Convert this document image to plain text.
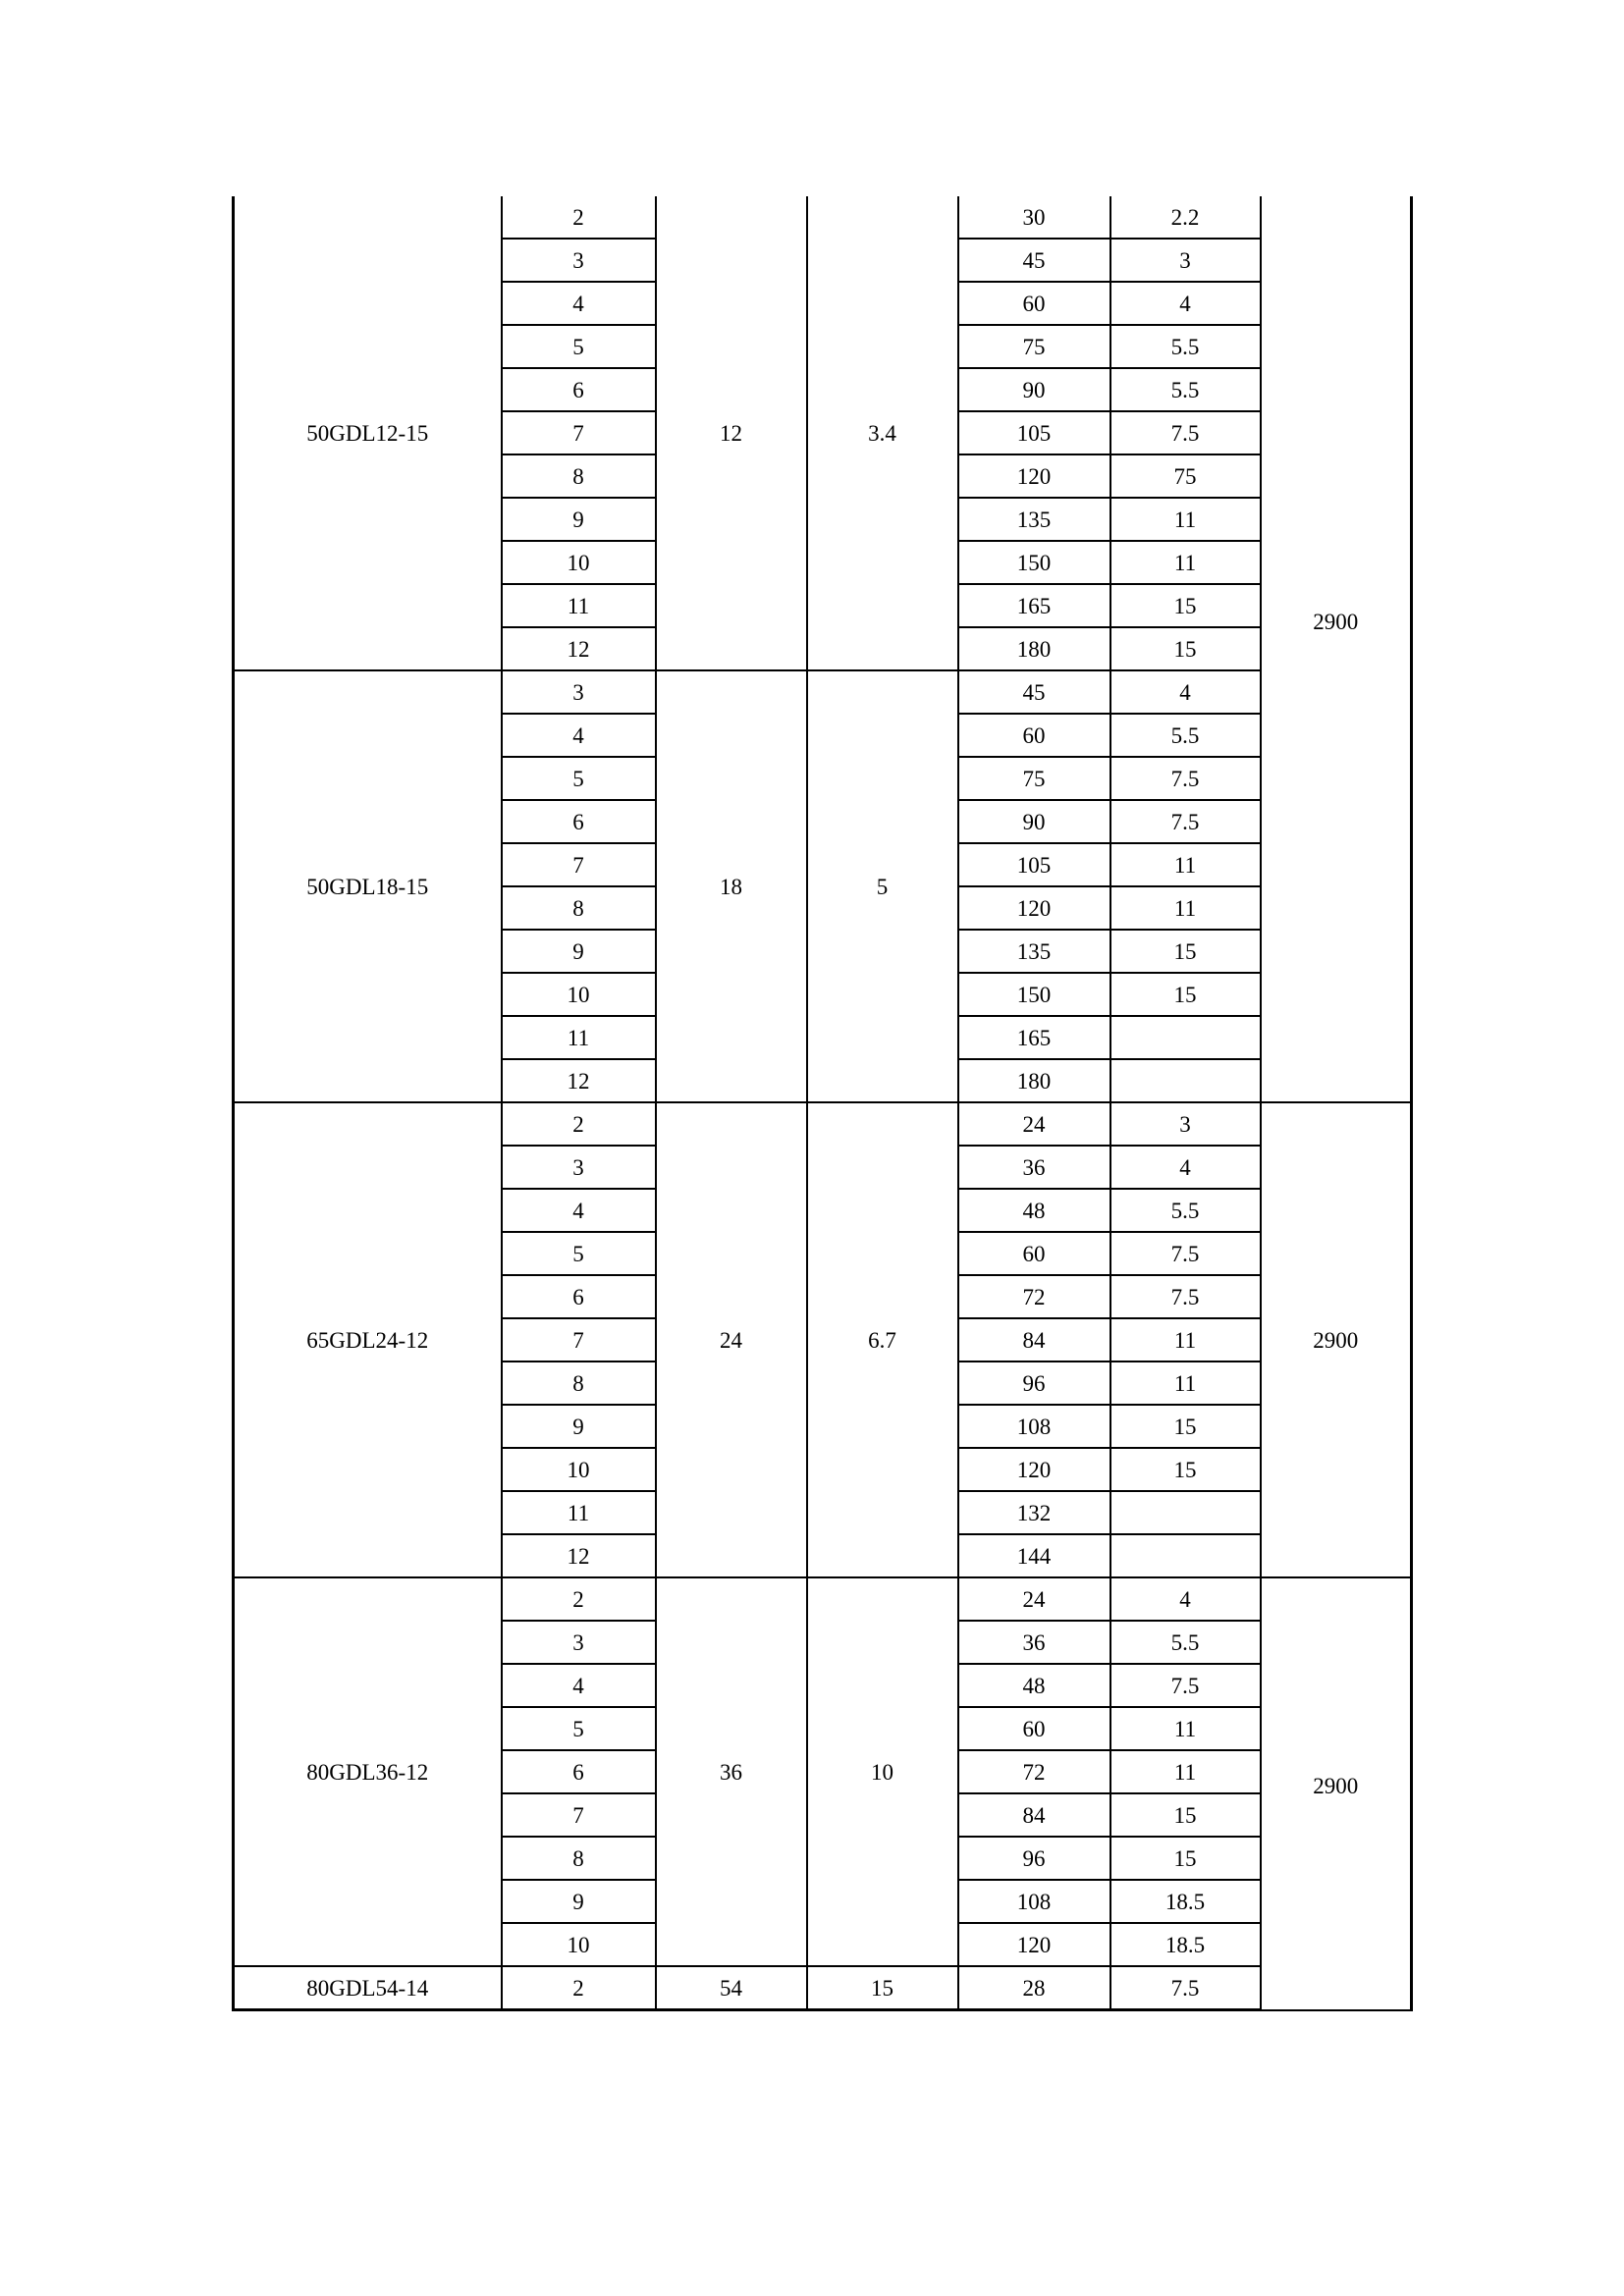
50GDL12-15	2	12	3.4	30	2.2	2900
	3			45	3	
	4			60	4	
	5			75	5.5	
	6			90	5.5	
	7			105	7.5	
	8			120	75	
	9			135	11	
	10			150	11	
	11			165	15	
	12			180	15	
50GDL18-15	3	18	5	45	4	
	4			60	5.5	
	5			75	7.5	
	6			90	7.5	
	7			105	11	
	8			120	11	
	9			135	15	
	10			150	15	
	11			165		
	12			180		
65GDL24-12	2	24	6.7	24	3	2900
	3			36	4	
	4			48	5.5	
	5			60	7.5	
	6			72	7.5	
	7			84	11	
	8			96	11	
	9			108	15	
	10			120	15	
	11			132		
	12			144		
80GDL36-12	2	36	10	24	4	2900
	3			36	5.5	
	4			48	7.5	
	5			60	11	
	6			72	11	
	7			84	15	
	8			96	15	
	9			108	18.5	
	10			120	18.5	
80GDL54-14	2	54	15	28	7.5	
